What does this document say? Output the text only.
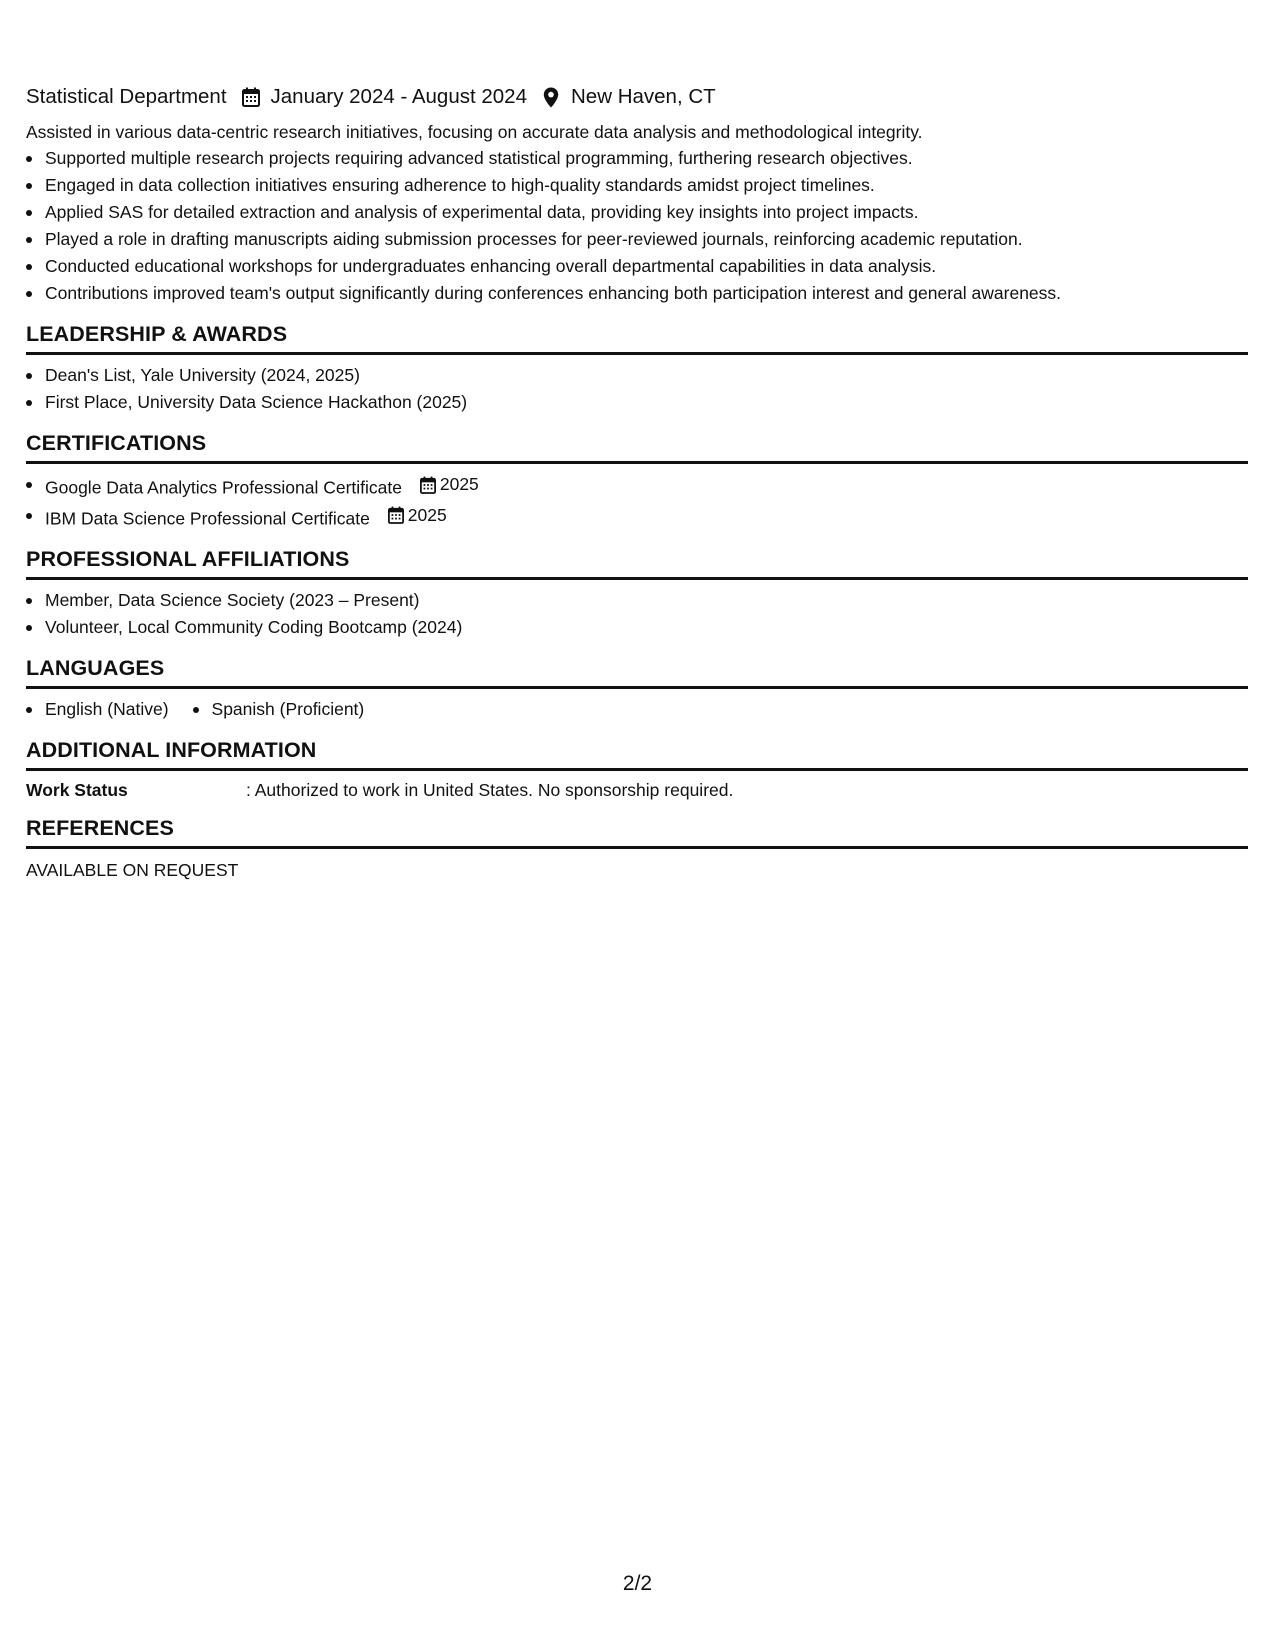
Statistical Department January 2024 - August 2024 New Haven, CT

Assisted in various data-centric research initiatives, focusing on accurate data analysis and methodological integrity.

Supported multiple research projects requiring advanced statistical programming, furthering research objectives.
Engaged in data collection initiatives ensuring adherence to high-quality standards amidst project timelines.
Applied SAS for detailed extraction and analysis of experimental data, providing key insights into project impacts.
Played a role in drafting manuscripts aiding submission processes for peer-reviewed journals, reinforcing academic reputation.
Conducted educational workshops for undergraduates enhancing overall departmental capabilities in data analysis.
Contributions improved team's output significantly during conferences enhancing both participation interest and general awareness.
LEADERSHIP & AWARDS
Dean's List, Yale University (2024, 2025)
First Place, University Data Science Hackathon (2025)
CERTIFICATIONS
Google Data Analytics Professional Certificate 2025
IBM Data Science Professional Certificate 2025
PROFESSIONAL AFFILIATIONS
Member, Data Science Society (2023 – Present)
Volunteer, Local Community Coding Bootcamp (2024)
LANGUAGES
English (Native)	Spanish (Proficient)
ADDITIONAL INFORMATION
Work Status	: Authorized to work in United States. No sponsorship required.
REFERENCES

AVAILABLE ON REQUEST

2/2
